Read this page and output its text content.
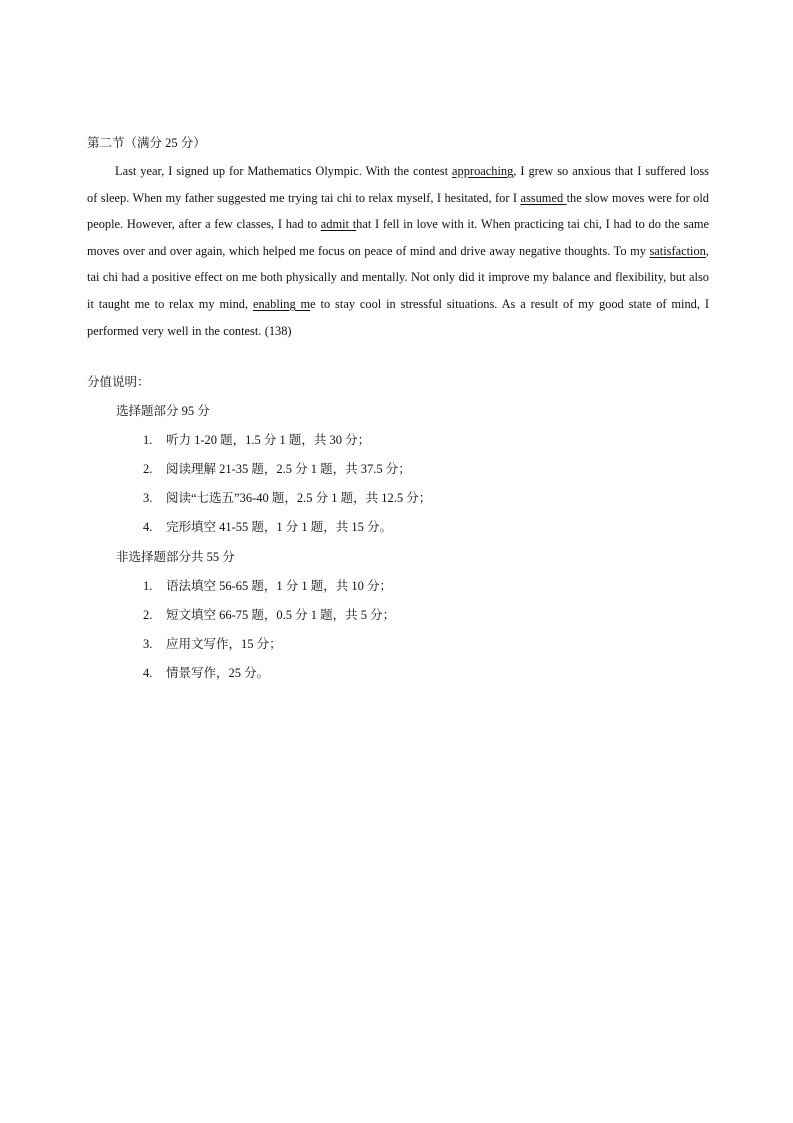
第二节（满分 25 分）

Last year, I signed up for Mathematics Olympic. With the contest approaching, I grew so anxious that I suffered loss of sleep. When my father suggested me trying tai chi to relax myself, I hesitated, for I assumed the slow moves were for old people. However, after a few classes, I had to admit that I fell in love with it. When practicing tai chi, I had to do the same moves over and over again, which helped me focus on peace of mind and drive away negative thoughts. To my satisfaction, tai chi had a positive effect on me both physically and mentally. Not only did it improve my balance and flexibility, but also it taught me to relax my mind, enabling me to stay cool in stressful situations. As a result of my good state of mind, I performed very well in the contest. (138)

分值说明：
选择题部分 95 分
1. 听力 1-20 题，1.5 分 1 题，共 30 分；
2. 阅读理解 21-35 题，2.5 分 1 题，共 37.5 分；
3. 阅读“七选五”36-40 题，2.5 分 1 题，共 12.5 分；
4. 完形填空 41-55 题，1 分 1 题，共 15 分。
非选择题部分共 55 分
1. 语法填空 56-65 题，1 分 1 题，共 10 分；
2. 短文填空 66-75 题，0.5 分 1 题，共 5 分；
3. 应用文写作，15 分；
4. 情景写作，25 分。
